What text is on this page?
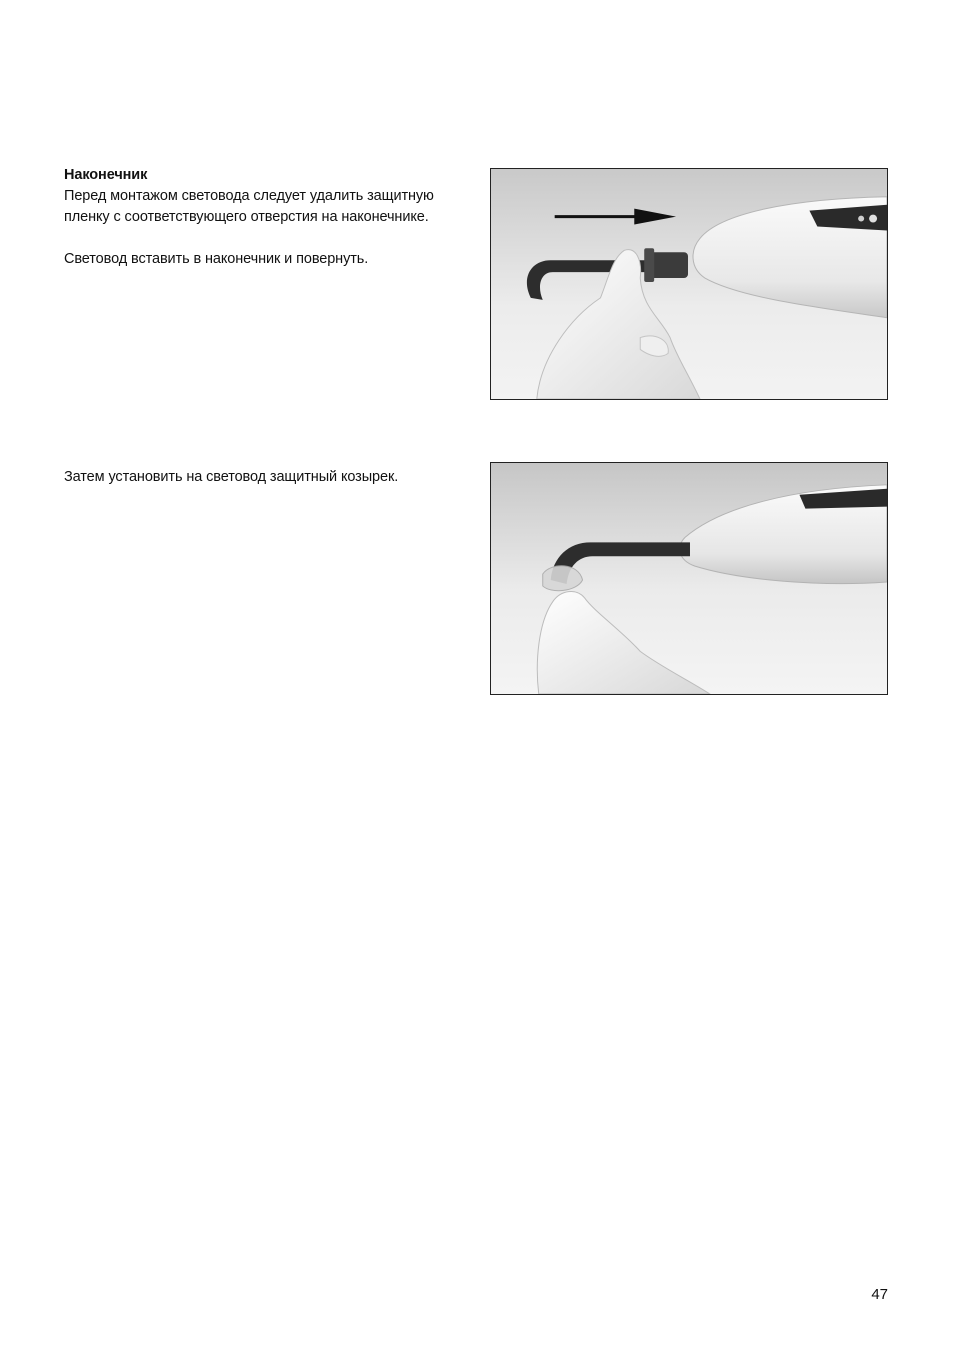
Наконечник

Перед монтажом световода следует удалить защитную
пленку с соответствующего отверстия на наконечнике.

Световод вставить в наконечник и повернуть.

Затем установить на световод защитный козырек.

47
